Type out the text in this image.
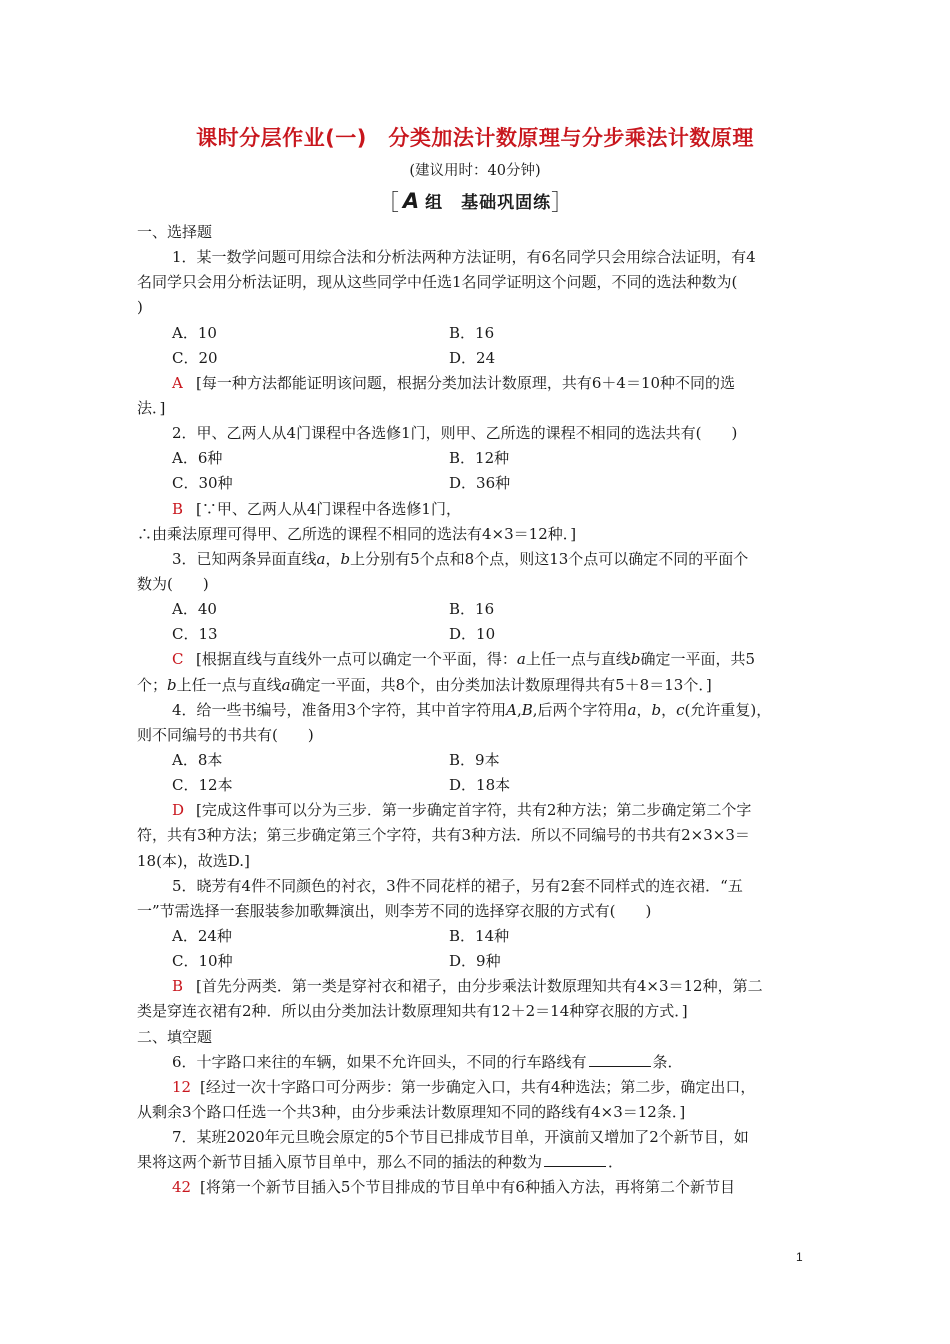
课时分层作业(一)　分类加法计数原理与分步乘法计数原理
(建议用时：40分钟)
［ A 组　基础巩固练］
一、选择题
1．某一数学问题可用综合法和分析法两种方法证明，有6名同学只会用综合法证明，有4
名同学只会用分析法证明，现从这些同学中任选1名同学证明这个问题，不同的选法种数为(
)
A．10	B．16
C．20	D．24
A [每一种方法都能证明该问题，根据分类加法计数原理，共有6＋4＝10种不同的选
法．]
2．甲、乙两人从4门课程中各选修1门，则甲、乙所选的课程不相同的选法共有(　　)
A．6种	B．12种
C．30种	D．36种
B [∵甲、乙两人从4门课程中各选修1门，
∴由乘法原理可得甲、乙所选的课程不相同的选法有4×3＝12种．]
3．已知两条异面直线a，b上分别有5个点和8个点，则这13个点可以确定不同的平面个
数为(　　)
A．40	B．16
C．13	D．10
C [根据直线与直线外一点可以确定一个平面，得：a上任一点与直线b确定一平面，共5
个；b上任一点与直线a确定一平面，共8个，由分类加法计数原理得共有5＋8＝13个．]
4．给一些书编号，准备用3个字符，其中首字符用A,B,后两个字符用a，b，c(允许重复)，
则不同编号的书共有(　　)
A．8本	B．9本
C．12本	D．18本
D [完成这件事可以分为三步．第一步确定首字符，共有2种方法；第二步确定第二个字
符，共有3种方法；第三步确定第三个字符，共有3种方法．所以不同编号的书共有2×3×3＝
18(本)，故选D.]
5．晓芳有4件不同颜色的衬衣，3件不同花样的裙子，另有2套不同样式的连衣裙．“五
一”节需选择一套服装参加歌舞演出，则李芳不同的选择穿衣服的方式有(　　)
A．24种	B．14种
C．10种	D．9种
B [首先分两类．第一类是穿衬衣和裙子，由分步乘法计数原理知共有4×3＝12种，第二
类是穿连衣裙有2种．所以由分类加法计数原理知共有12＋2＝14种穿衣服的方式．]
二、填空题
6．十字路口来往的车辆，如果不允许回头，不同的行车路线有	条．
12 [经过一次十字路口可分两步：第一步确定入口，共有4种选法；第二步，确定出口，
从剩余3个路口任选一个共3种，由分步乘法计数原理知不同的路线有4×3＝12条．]
7．某班2020年元旦晚会原定的5个节目已排成节目单，开演前又增加了2个新节目，如
果将这两个新节目插入原节目单中，那么不同的插法的种数为	．
42 [将第一个新节目插入5个节目排成的节目单中有6种插入方法，再将第二个新节目
1
